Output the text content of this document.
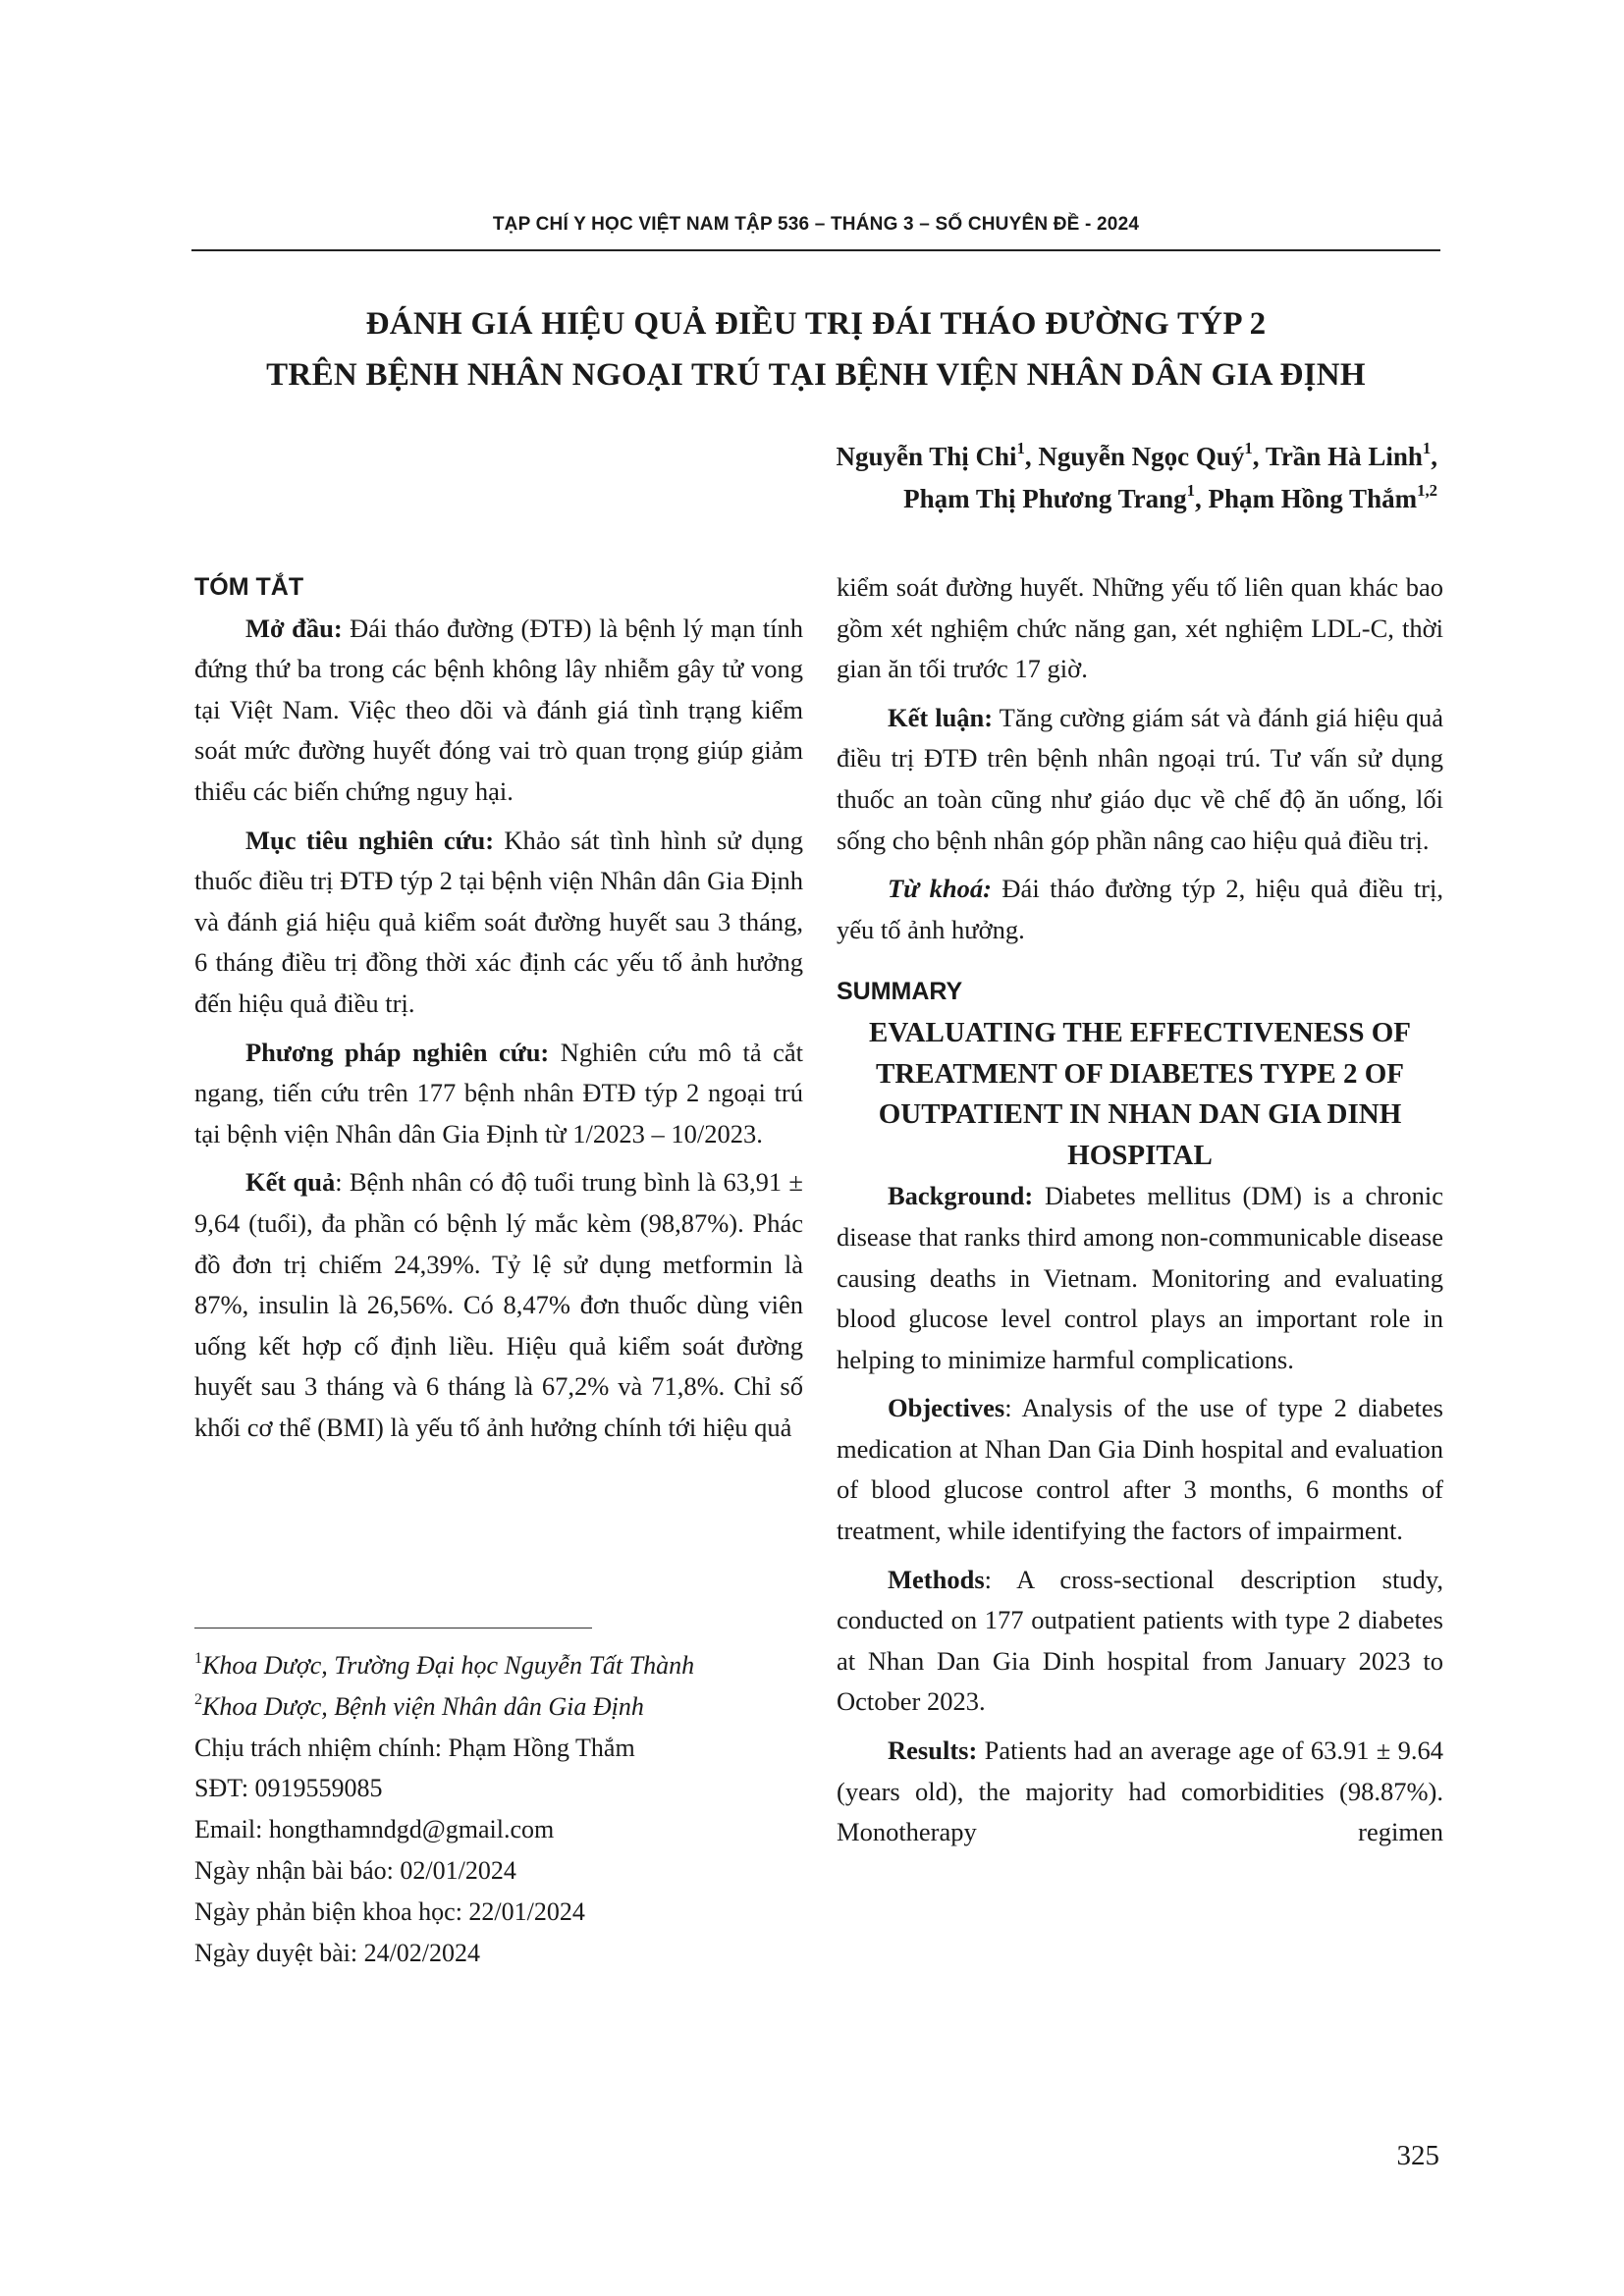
TẠP CHÍ Y HỌC VIỆT NAM TẬP 536 – THÁNG 3 – SỐ CHUYÊN ĐỀ - 2024
ĐÁNH GIÁ HIỆU QUẢ ĐIỀU TRỊ ĐÁI THÁO ĐƯỜNG TÝP 2
TRÊN BỆNH NHÂN NGOẠI TRÚ TẠI BỆNH VIỆN NHÂN DÂN GIA ĐỊNH
Nguyễn Thị Chi$^1$, Nguyễn Ngọc Quý$^1$, Trần Hà Linh$^1$,
Phạm Thị Phương Trang$^1$, Phạm Hồng Thắm$^{1,2}$
TÓM TẮT

Mở đầu: Đái tháo đường (ĐTĐ) là bệnh lý mạn tính đứng thứ ba trong các bệnh không lây nhiễm gây tử vong tại Việt Nam. Việc theo dõi và đánh giá tình trạng kiểm soát mức đường huyết đóng vai trò quan trọng giúp giảm thiểu các biến chứng nguy hại.

Mục tiêu nghiên cứu: Khảo sát tình hình sử dụng thuốc điều trị ĐTĐ týp 2 tại bệnh viện Nhân dân Gia Định và đánh giá hiệu quả kiểm soát đường huyết sau 3 tháng, 6 tháng điều trị đồng thời xác định các yếu tố ảnh hưởng đến hiệu quả điều trị.

Phương pháp nghiên cứu: Nghiên cứu mô tả cắt ngang, tiến cứu trên 177 bệnh nhân ĐTĐ týp 2 ngoại trú tại bệnh viện Nhân dân Gia Định từ 1/2023 – 10/2023.

Kết quả: Bệnh nhân có độ tuổi trung bình là 63,91 ± 9,64 (tuổi), đa phần có bệnh lý mắc kèm (98,87%). Phác đồ đơn trị chiếm 24,39%. Tỷ lệ sử dụng metformin là 87%, insulin là 26,56%. Có 8,47% đơn thuốc dùng viên uống kết hợp cố định liều. Hiệu quả kiểm soát đường huyết sau 3 tháng và 6 tháng là 67,2% và 71,8%. Chỉ số khối cơ thể (BMI) là yếu tố ảnh hưởng chính tới hiệu quả

$^1$Khoa Dược, Trường Đại học Nguyễn Tất Thành
$^2$Khoa Dược, Bệnh viện Nhân dân Gia Định
Chịu trách nhiệm chính: Phạm Hồng Thắm
SĐT: 0919559085
Email: hongthamndgd@gmail.com
Ngày nhận bài báo: 02/01/2024
Ngày phản biện khoa học: 22/01/2024
Ngày duyệt bài: 24/02/2024

kiểm soát đường huyết. Những yếu tố liên quan khác bao gồm xét nghiệm chức năng gan, xét nghiệm LDL-C, thời gian ăn tối trước 17 giờ.

Kết luận: Tăng cường giám sát và đánh giá hiệu quả điều trị ĐTĐ trên bệnh nhân ngoại trú. Tư vấn sử dụng thuốc an toàn cũng như giáo dục về chế độ ăn uống, lối sống cho bệnh nhân góp phần nâng cao hiệu quả điều trị.

Từ khoá: Đái tháo đường týp 2, hiệu quả điều trị, yếu tố ảnh hưởng.

SUMMARY
EVALUATING THE EFFECTIVENESS OF TREATMENT OF DIABETES TYPE 2 OF OUTPATIENT IN NHAN DAN GIA DINH HOSPITAL

Background: Diabetes mellitus (DM) is a chronic disease that ranks third among non-communicable disease causing deaths in Vietnam. Monitoring and evaluating blood glucose level control plays an important role in helping to minimize harmful complications.

Objectives: Analysis of the use of type 2 diabetes medication at Nhan Dan Gia Dinh hospital and evaluation of blood glucose control after 3 months, 6 months of treatment, while identifying the factors of impairment.

Methods: A cross-sectional description study, conducted on 177 outpatient patients with type 2 diabetes at Nhan Dan Gia Dinh hospital from January 2023 to October 2023.

Results: Patients had an average age of 63.91 ± 9.64 (years old), the majority had comorbidities (98.87%). Monotherapy regimen

325
